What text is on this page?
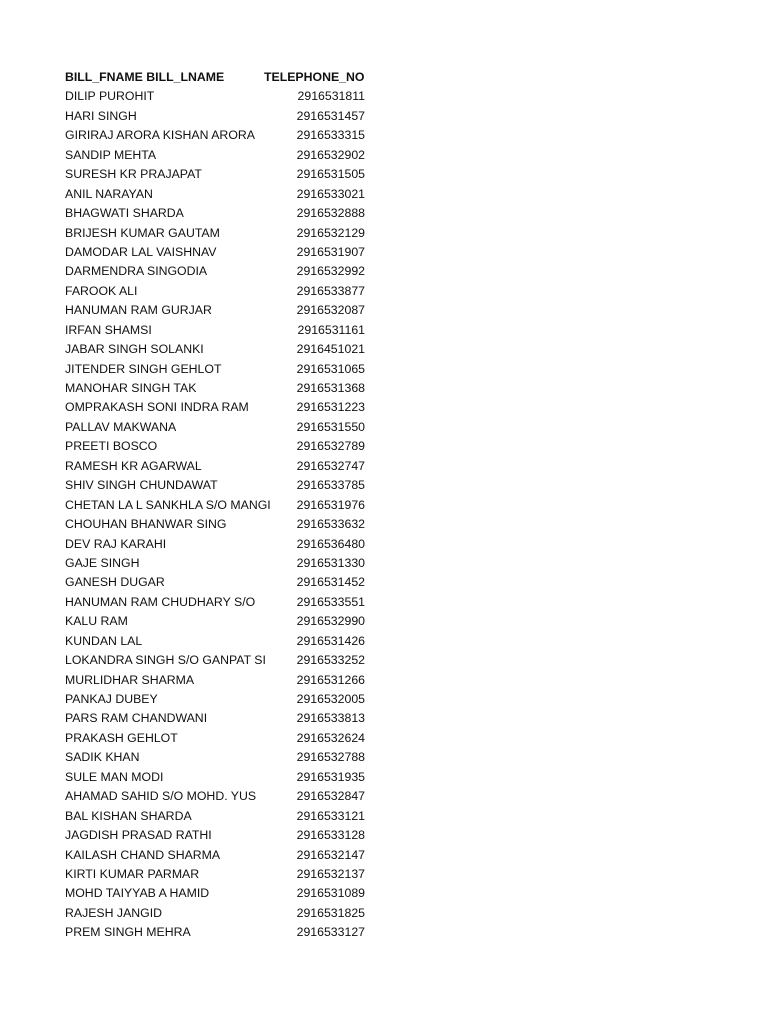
BILL_FNAME BILL_LNAME	TELEPHONE_NO
DILIP PUROHIT	2916531811
HARI SINGH	2916531457
GIRIRAJ ARORA KISHAN ARORA	2916533315
SANDIP MEHTA	2916532902
SURESH KR PRAJAPAT	2916531505
ANIL NARAYAN	2916533021
BHAGWATI SHARDA	2916532888
BRIJESH KUMAR GAUTAM	2916532129
DAMODAR LAL VAISHNAV	2916531907
DARMENDRA SINGODIA	2916532992
FAROOK ALI	2916533877
HANUMAN RAM GURJAR	2916532087
IRFAN SHAMSI	2916531161
JABAR SINGH SOLANKI	2916451021
JITENDER SINGH GEHLOT	2916531065
MANOHAR SINGH TAK	2916531368
OMPRAKASH SONI INDRA RAM	2916531223
PALLAV MAKWANA	2916531550
PREETI BOSCO	2916532789
RAMESH KR AGARWAL	2916532747
SHIV SINGH CHUNDAWAT	2916533785
CHETAN LA L SANKHLA S/O MANGI 2916531976
CHOUHAN BHANWAR SING	2916533632
DEV RAJ KARAHI	2916536480
GAJE SINGH	2916531330
GANESH DUGAR	2916531452
HANUMAN RAM CHUDHARY S/O	2916533551
KALU RAM	2916532990
KUNDAN LAL	2916531426
LOKANDRA SINGH S/O GANPAT SI 2916533252
MURLIDHAR SHARMA	2916531266
PANKAJ DUBEY	2916532005
PARS RAM CHANDWANI	2916533813
PRAKASH GEHLOT	2916532624
SADIK KHAN	2916532788
SULE MAN MODI	2916531935
AHAMAD SAHID S/O MOHD. YUS	2916532847
BAL KISHAN SHARDA	2916533121
JAGDISH PRASAD RATHI	2916533128
KAILASH CHAND SHARMA	2916532147
KIRTI KUMAR PARMAR	2916532137
MOHD TAIYYAB A HAMID	2916531089
RAJESH JANGID	2916531825
PREM SINGH MEHRA	2916533127
